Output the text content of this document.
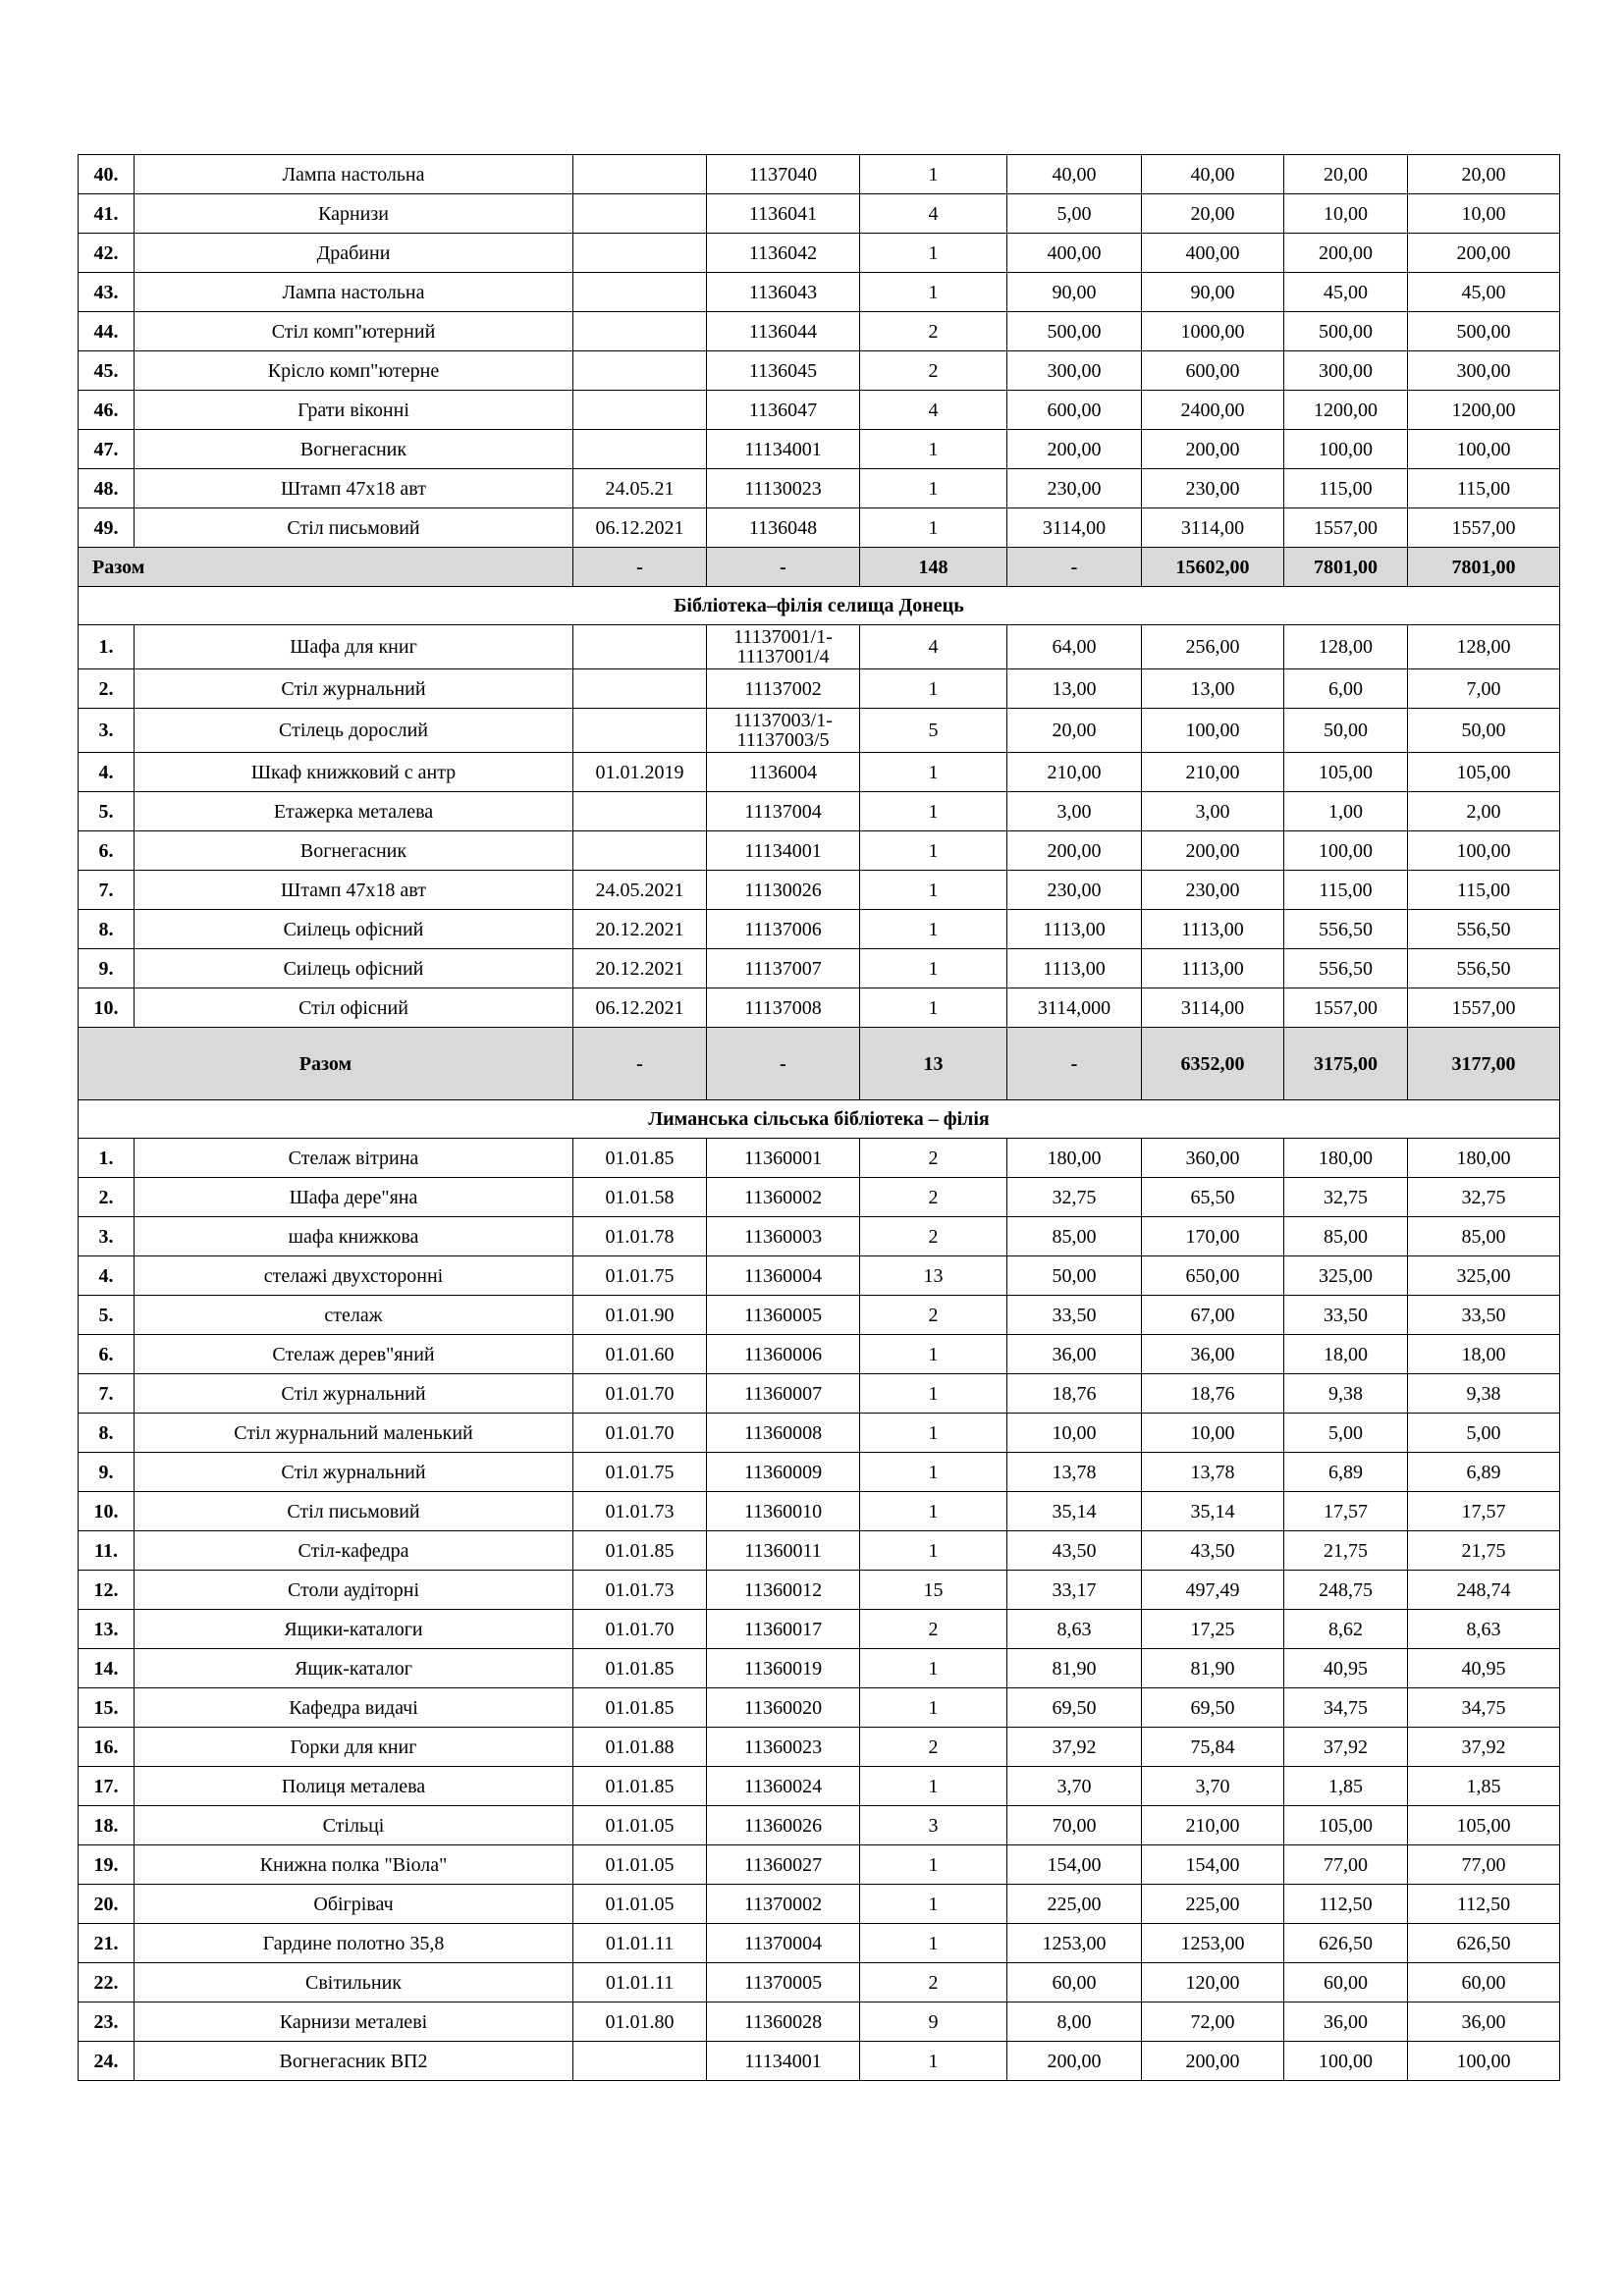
40.	Лампа настольна		1137040	1	40,00	40,00	20,00	20,00
41.	Карнизи		1136041	4	5,00	20,00	10,00	10,00
42.	Драбини		1136042	1	400,00	400,00	200,00	200,00
43.	Лампа настольна		1136043	1	90,00	90,00	45,00	45,00
44.	Стіл комп"ютерний		1136044	2	500,00	1000,00	500,00	500,00
45.	Крісло комп"ютерне		1136045	2	300,00	600,00	300,00	300,00
46.	Грати віконні		1136047	4	600,00	2400,00	1200,00	1200,00
47.	Вогнегасник		11134001	1	200,00	200,00	100,00	100,00
48.	Штамп 47х18 авт	24.05.21	11130023	1	230,00	230,00	115,00	115,00
49.	Стіл письмовий	06.12.2021	1136048	1	3114,00	3114,00	1557,00	1557,00
Разом		-	-	148	-	15602,00	7801,00	7801,00
Бібліотека–філія селища Донець								
1.	Шафа для книг		11137001/1-11137001/4	4	64,00	256,00	128,00	128,00
2.	Стіл журнальний		11137002	1	13,00	13,00	6,00	7,00
3.	Стілець дорослий		11137003/1-11137003/5	5	20,00	100,00	50,00	50,00
4.	Шкаф книжковий с антр	01.01.2019	1136004	1	210,00	210,00	105,00	105,00
5.	Етажерка металева		11137004	1	3,00	3,00	1,00	2,00
6.	Вогнегасник		11134001	1	200,00	200,00	100,00	100,00
7.	Штамп 47х18 авт	24.05.2021	11130026	1	230,00	230,00	115,00	115,00
8.	Сиілець офісний	20.12.2021	11137006	1	1113,00	1113,00	556,50	556,50
9.	Сиілець офісний	20.12.2021	11137007	1	1113,00	1113,00	556,50	556,50
10.	Стіл офісний	06.12.2021	11137008	1	3114,000	3114,00	1557,00	1557,00
Разом		-	-	13	-	6352,00	3175,00	3177,00
Лиманська сільська бібліотека – філія								
1.	Стелаж вітрина	01.01.85	11360001	2	180,00	360,00	180,00	180,00
2.	Шафа дере"яна	01.01.58	11360002	2	32,75	65,50	32,75	32,75
3.	шафа книжкова	01.01.78	11360003	2	85,00	170,00	85,00	85,00
4.	стелажі двухсторонні	01.01.75	11360004	13	50,00	650,00	325,00	325,00
5.	стелаж	01.01.90	11360005	2	33,50	67,00	33,50	33,50
6.	Стелаж дерев"яний	01.01.60	11360006	1	36,00	36,00	18,00	18,00
7.	Стіл журнальний	01.01.70	11360007	1	18,76	18,76	9,38	9,38
8.	Стіл журнальний маленький	01.01.70	11360008	1	10,00	10,00	5,00	5,00
9.	Стіл журнальний	01.01.75	11360009	1	13,78	13,78	6,89	6,89
10.	Стіл письмовий	01.01.73	11360010	1	35,14	35,14	17,57	17,57
11.	Стіл-кафедра	01.01.85	11360011	1	43,50	43,50	21,75	21,75
12.	Столи аудіторні	01.01.73	11360012	15	33,17	497,49	248,75	248,74
13.	Ящики-каталоги	01.01.70	11360017	2	8,63	17,25	8,62	8,63
14.	Ящик-каталог	01.01.85	11360019	1	81,90	81,90	40,95	40,95
15.	Кафедра видачі	01.01.85	11360020	1	69,50	69,50	34,75	34,75
16.	Горки для книг	01.01.88	11360023	2	37,92	75,84	37,92	37,92
17.	Полиця металева	01.01.85	11360024	1	3,70	3,70	1,85	1,85
18.	Стільці	01.01.05	11360026	3	70,00	210,00	105,00	105,00
19.	Книжна полка "Віола"	01.01.05	11360027	1	154,00	154,00	77,00	77,00
20.	Обігрівач	01.01.05	11370002	1	225,00	225,00	112,50	112,50
21.	Гардине полотно 35,8	01.01.11	11370004	1	1253,00	1253,00	626,50	626,50
22.	Світильник	01.01.11	11370005	2	60,00	120,00	60,00	60,00
23.	Карнизи металеві	01.01.80	11360028	9	8,00	72,00	36,00	36,00
24.	Вогнегасник ВП2		11134001	1	200,00	200,00	100,00	100,00
